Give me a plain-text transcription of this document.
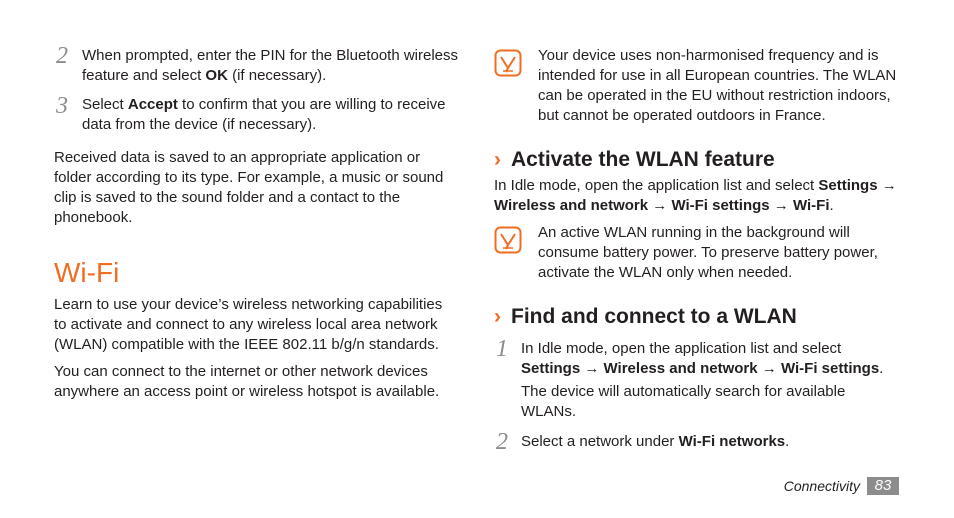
2 When prompted, enter the PIN for the Bluetooth wireless feature and select OK (if necessary).
3 Select Accept to confirm that you are willing to receive data from the device (if necessary).
Received data is saved to an appropriate application or folder according to its type. For example, a music or sound clip is saved to the sound folder and a contact to the phonebook.
Wi-Fi
Learn to use your device’s wireless networking capabilities to activate and connect to any wireless local area network (WLAN) compatible with the IEEE 802.11 b/g/n standards.
You can connect to the internet or other network devices anywhere an access point or wireless hotspot is available.
Your device uses non-harmonised frequency and is intended for use in all European countries. The WLAN can be operated in the EU without restriction indoors, but cannot be operated outdoors in France.
› Activate the WLAN feature
In Idle mode, open the application list and select Settings → Wireless and network → Wi-Fi settings → Wi-Fi.
An active WLAN running in the background will consume battery power. To preserve battery power, activate the WLAN only when needed.
› Find and connect to a WLAN
1 In Idle mode, open the application list and select Settings → Wireless and network → Wi-Fi settings.
The device will automatically search for available WLANs.
2 Select a network under Wi-Fi networks.
Connectivity 83
